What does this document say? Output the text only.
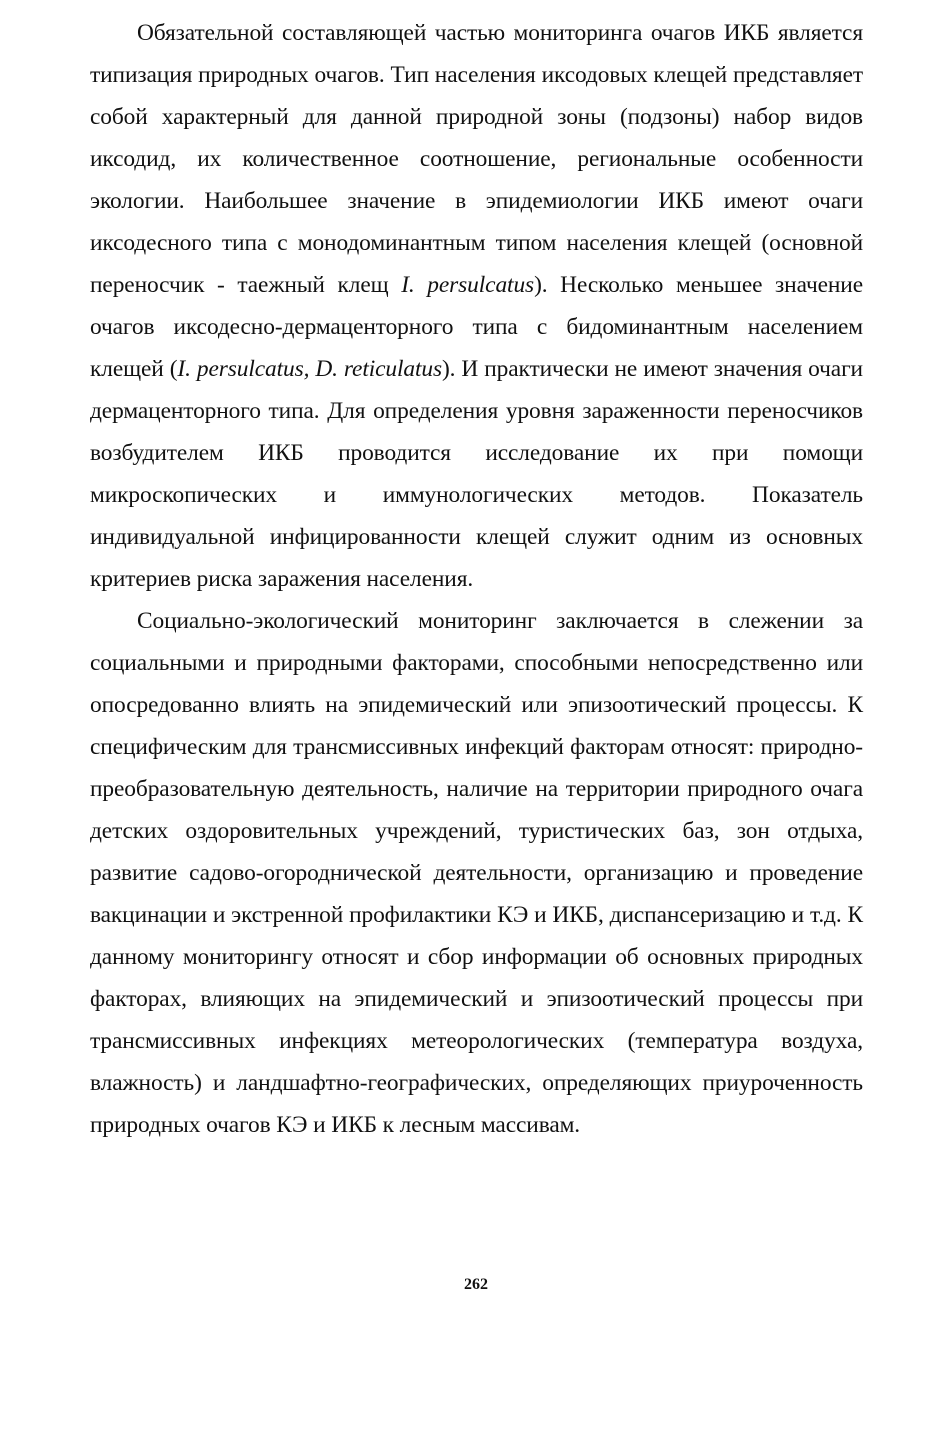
Обязательной составляющей частью мониторинга очагов ИКБ является типизация природных очагов. Тип населения иксодовых клещей представляет собой характерный для данной природной зоны (подзоны) набор видов иксодид, их количественное соотношение, региональные особенности экологии. Наибольшее значение в эпидемиологии ИКБ имеют очаги иксодесного типа с монодоминантным типом населения клещей (основной переносчик - таежный клещ I. persulcatus). Несколько меньшее значение очагов иксодесно-дермаценторного типа с бидоминантным населением клещей (I. persulcatus, D. reticulatus). И практически не имеют значения очаги дермаценторного типа. Для определения уровня зараженности переносчиков возбудителем ИКБ проводится исследование их при помощи микроскопических и иммунологических методов. Показатель индивидуальной инфицированности клещей служит одним из основных критериев риска заражения населения.

Социально-экологический мониторинг заключается в слежении за социальными и природными факторами, способными непосредственно или опосредованно влиять на эпидемический или эпизоотический процессы. К специфическим для трансмиссивных инфекций факторам относят: природно-преобразовательную деятельность, наличие на территории природного очага детских оздоровительных учреждений, туристических баз, зон отдыха, развитие садово-огороднической деятельности, организацию и проведение вакцинации и экстренной профилактики КЭ и ИКБ, диспансеризацию и т.д. К данному мониторингу относят и сбор информации об основных природных факторах, влияющих на эпидемический и эпизоотический процессы при трансмиссивных инфекциях метеорологических (температура воздуха, влажность) и ландшафтно-географических, определяющих приуроченность природных очагов КЭ и ИКБ к лесным массивам.

262
